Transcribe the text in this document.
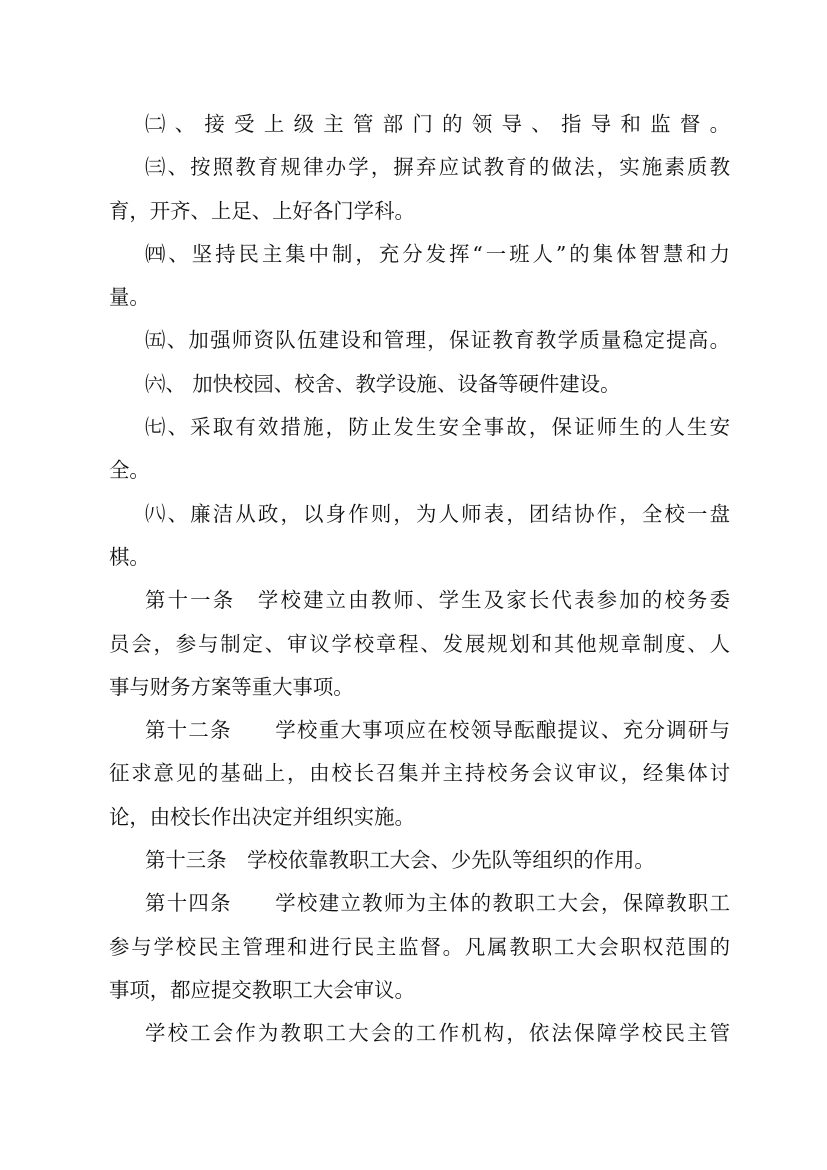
㈡、接受上级主管部门的领导、指导和监督。
㈢、按照教育规律办学，摒弃应试教育的做法，实施素质教
育，开齐、上足、上好各门学科。
㈣、坚持民主集中制，充分发挥“一班人”的集体智慧和力
量。
㈤、加强师资队伍建设和管理，保证教育教学质量稳定提高。
㈥、 加快校园、校舍、教学设施、设备等硬件建设。
㈦、采取有效措施，防止发生安全事故，保证师生的人生安
全。
㈧、廉洁从政，以身作则，为人师表，团结协作，全校一盘
棋。
第十一条　学校建立由教师、学生及家长代表参加的校务委
员会，参与制定、审议学校章程、发展规划和其他规章制度、人
事与财务方案等重大事项。
第十二条　　学校重大事项应在校领导酝酿提议、充分调研与
征求意见的基础上，由校长召集并主持校务会议审议，经集体讨
论，由校长作出决定并组织实施。
第十三条　学校依靠教职工大会、少先队等组织的作用。
第十四条　　学校建立教师为主体的教职工大会，保障教职工
参与学校民主管理和进行民主监督。凡属教职工大会职权范围的
事项，都应提交教职工大会审议。
学校工会作为教职工大会的工作机构，依法保障学校民主管
